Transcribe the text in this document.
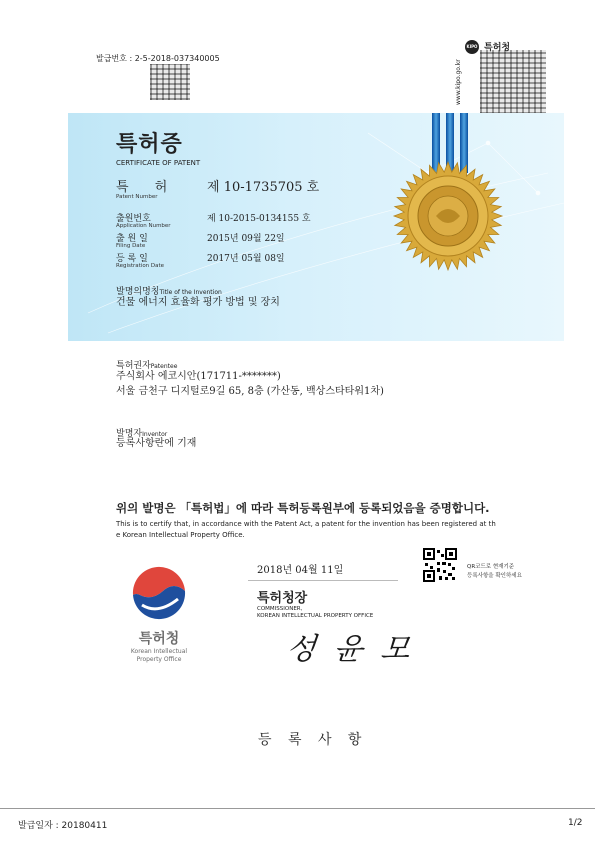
발급번호 : 2-5-2018-037340005
KIPO 특허청
www.kipo.go.kr
특허증
CERTIFICATE OF PATENT
특 허
Patent Number
제 10-1735705 호
출원번호
Application Number
제 10-2015-0134155 호
출 원 일
Filing Date
2015년 09월 22일
등 록 일
Registration Date
2017년 05월 08일
발명의명칭Title of the Invention
건물 에너지 효율화 평가 방법 및 장치
특허권자Patentee
주식회사 에코시안(171711-*******)
서울 금천구 디지털로9길 65, 8층 (가산동, 백상스타타워1차)
발명자Inventor
등록사항란에 기재
위의 발명은 「특허법」에 따라 특허등록원부에 등록되었음을 증명합니다.
This is to certify that, in accordance with the Patent Act, a patent for the invention has been registered at th
e Korean Intellectual Property Office.
2018년 04월 11일	QR코드로 현재기준
등록사항을 확인하세요
특허청장
COMMISSIONER,
KOREAN INTELLECTUAL PROPERTY OFFICE
성윤모
특허청
Korean Intellectual
Property Office
등 록 사 항
발급일자 : 20180411	1/2
